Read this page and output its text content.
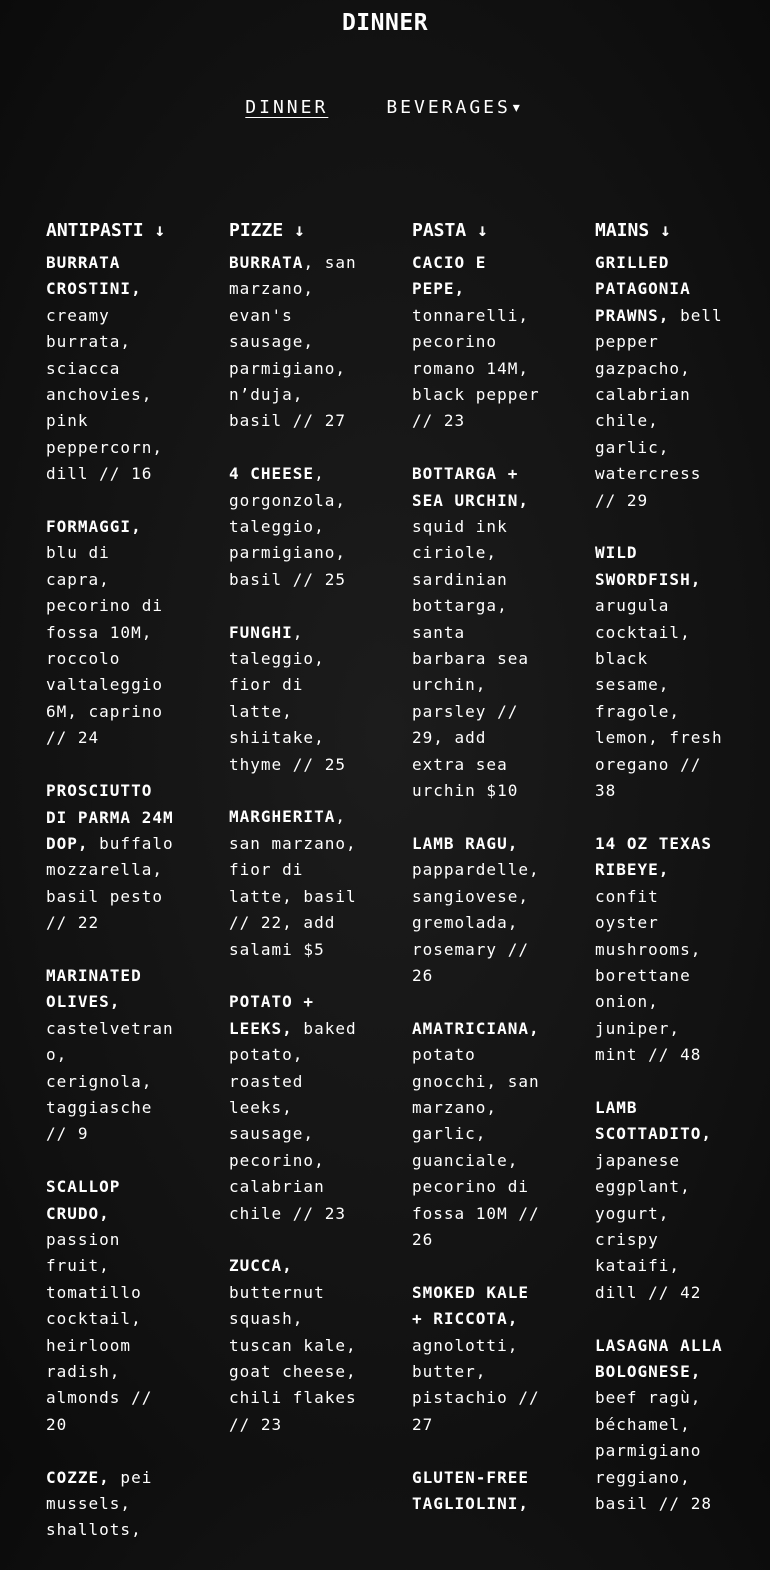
DINNER
DINNER	BEVERAGES▾
ANTIPASTI ↓
BURRATA CROSTINI, creamy burrata, sciacca anchovies, pink peppercorn, dill // 16
FORMAGGI, blu di capra, pecorino di fossa 10M, roccolo valtaleggio 6M, caprino // 24
PROSCIUTTO DI PARMA 24M DOP, buffalo mozzarella, basil pesto // 22
MARINATED OLIVES, castelvetrano, cerignola, taggiasche // 9
SCALLOP CRUDO, passion fruit, tomatillo cocktail, heirloom radish, almonds // 20
COZZE, pei mussels, shallots,
PIZZE ↓
BURRATA, san marzano, evan's sausage, parmigiano, n’duja, basil // 27
4 CHEESE, gorgonzola, taleggio, parmigiano, basil // 25
FUNGHI, taleggio, fior di latte, shiitake, thyme // 25
MARGHERITA, san marzano, fior di latte, basil // 22, add salami $5
POTATO + LEEKS, baked potato, roasted leeks, sausage, pecorino, calabrian chile // 23
ZUCCA, butternut squash, tuscan kale, goat cheese, chili flakes // 23
PASTA ↓
CACIO E PEPE, tonnarelli, pecorino romano 14M, black pepper // 23
BOTTARGA + SEA URCHIN, squid ink ciriole, sardinian bottarga, santa barbara sea urchin, parsley // 29, add extra sea urchin $10
LAMB RAGU, pappardelle, sangiovese, gremolada, rosemary // 26
AMATRICIANA, potato gnocchi, san marzano, garlic, guanciale, pecorino di fossa 10M // 26
SMOKED KALE + RICCOTA, agnolotti, butter, pistachio // 27
GLUTEN-FREE TAGLIOLINI,
MAINS ↓
GRILLED PATAGONIA PRAWNS, bell pepper gazpacho, calabrian chile, garlic, watercress // 29
WILD SWORDFISH, arugula cocktail, black sesame, fragole, lemon, fresh oregano // 38
14 OZ TEXAS RIBEYE, confit oyster mushrooms, borettane onion, juniper, mint // 48
LAMB SCOTTADITO, japanese eggplant, yogurt, crispy kataifi, dill // 42
LASAGNA ALLA BOLOGNESE, beef ragù, béchamel, parmigiano reggiano, basil // 28
